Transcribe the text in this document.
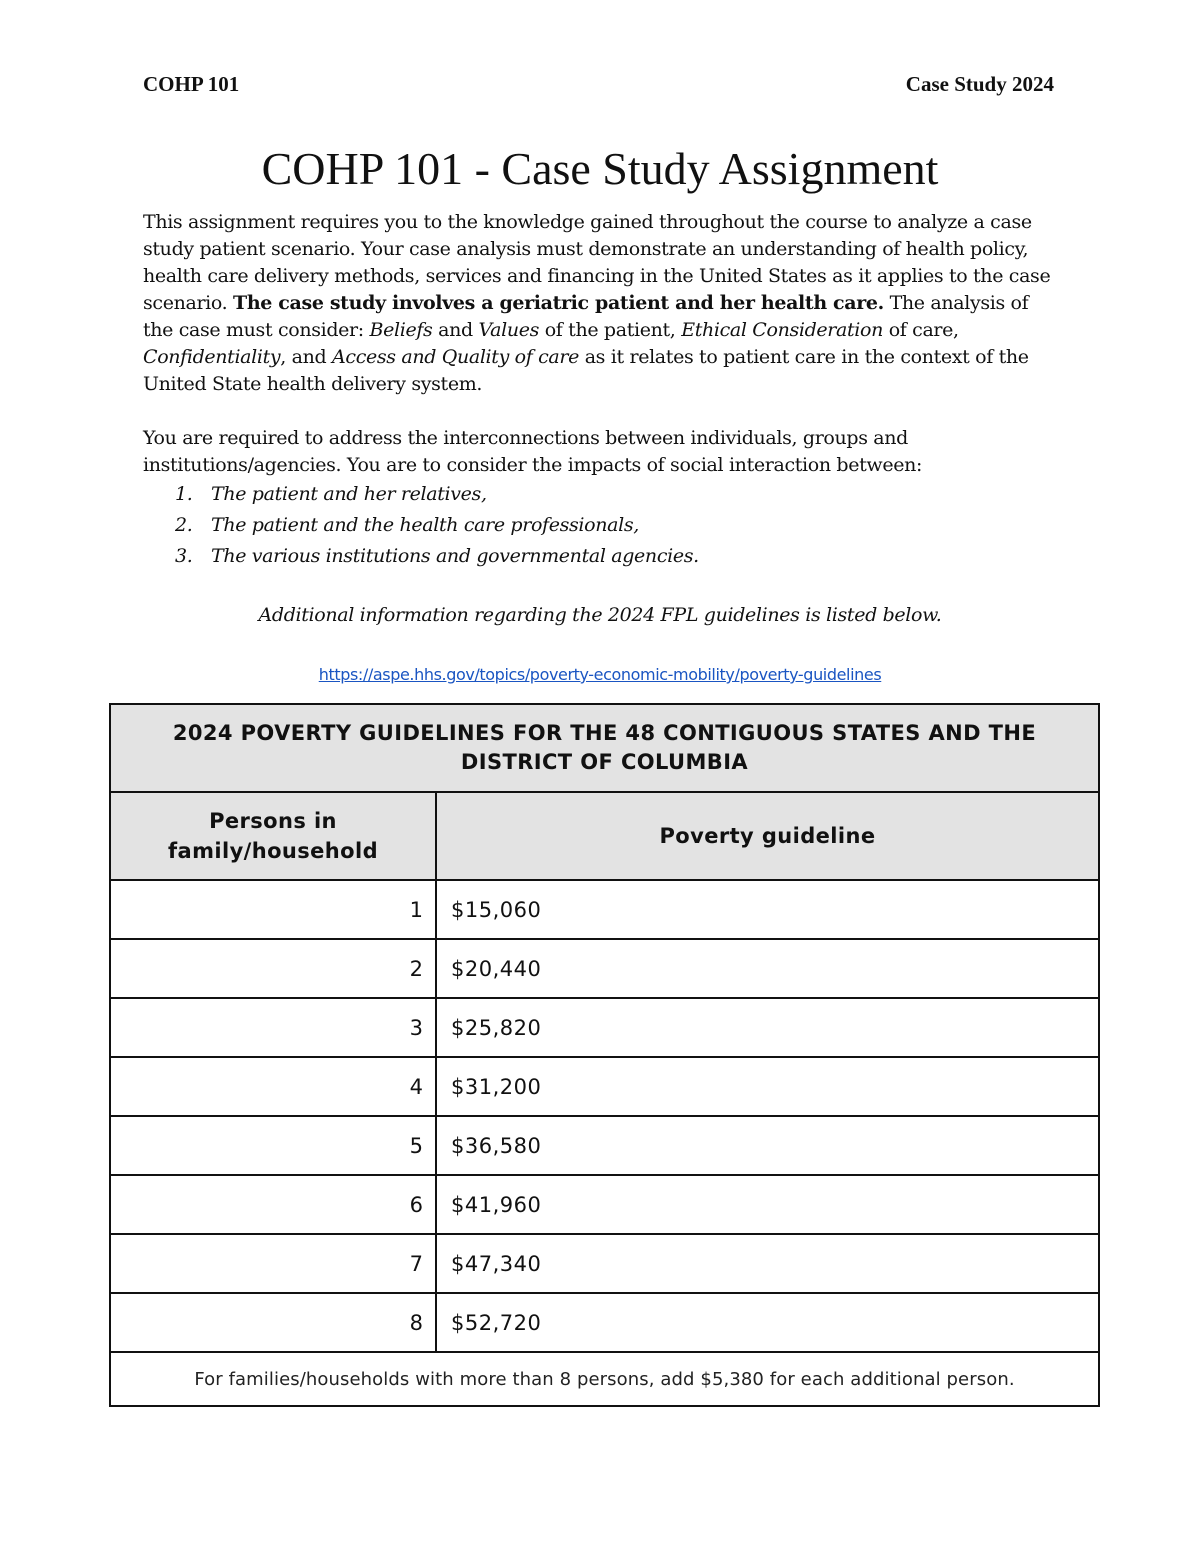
COHP 101	Case Study 2024
COHP 101 - Case Study Assignment
This assignment requires you to the knowledge gained throughout the course to analyze a case study patient scenario. Your case analysis must demonstrate an understanding of health policy, health care delivery methods, services and financing in the United States as it applies to the case scenario. The case study involves a geriatric patient and her health care. The analysis of the case must consider: Beliefs and Values of the patient, Ethical Consideration of care, Confidentiality, and Access and Quality of care as it relates to patient care in the context of the United State health delivery system.
You are required to address the interconnections between individuals, groups and institutions/agencies. You are to consider the impacts of social interaction between:
1. The patient and her relatives,
2. The patient and the health care professionals,
3. The various institutions and governmental agencies.
Additional information regarding the 2024 FPL guidelines is listed below.
https://aspe.hhs.gov/topics/poverty-economic-mobility/poverty-guidelines
2024 POVERTY GUIDELINES FOR THE 48 CONTIGUOUS STATES AND THE DISTRICT OF COLUMBIA	
Persons in family/household	Poverty guideline
1	$15,060
2	$20,440
3	$25,820
4	$31,200
5	$36,580
6	$41,960
7	$47,340
8	$52,720
For families/households with more than 8 persons, add $5,380 for each additional person.	
